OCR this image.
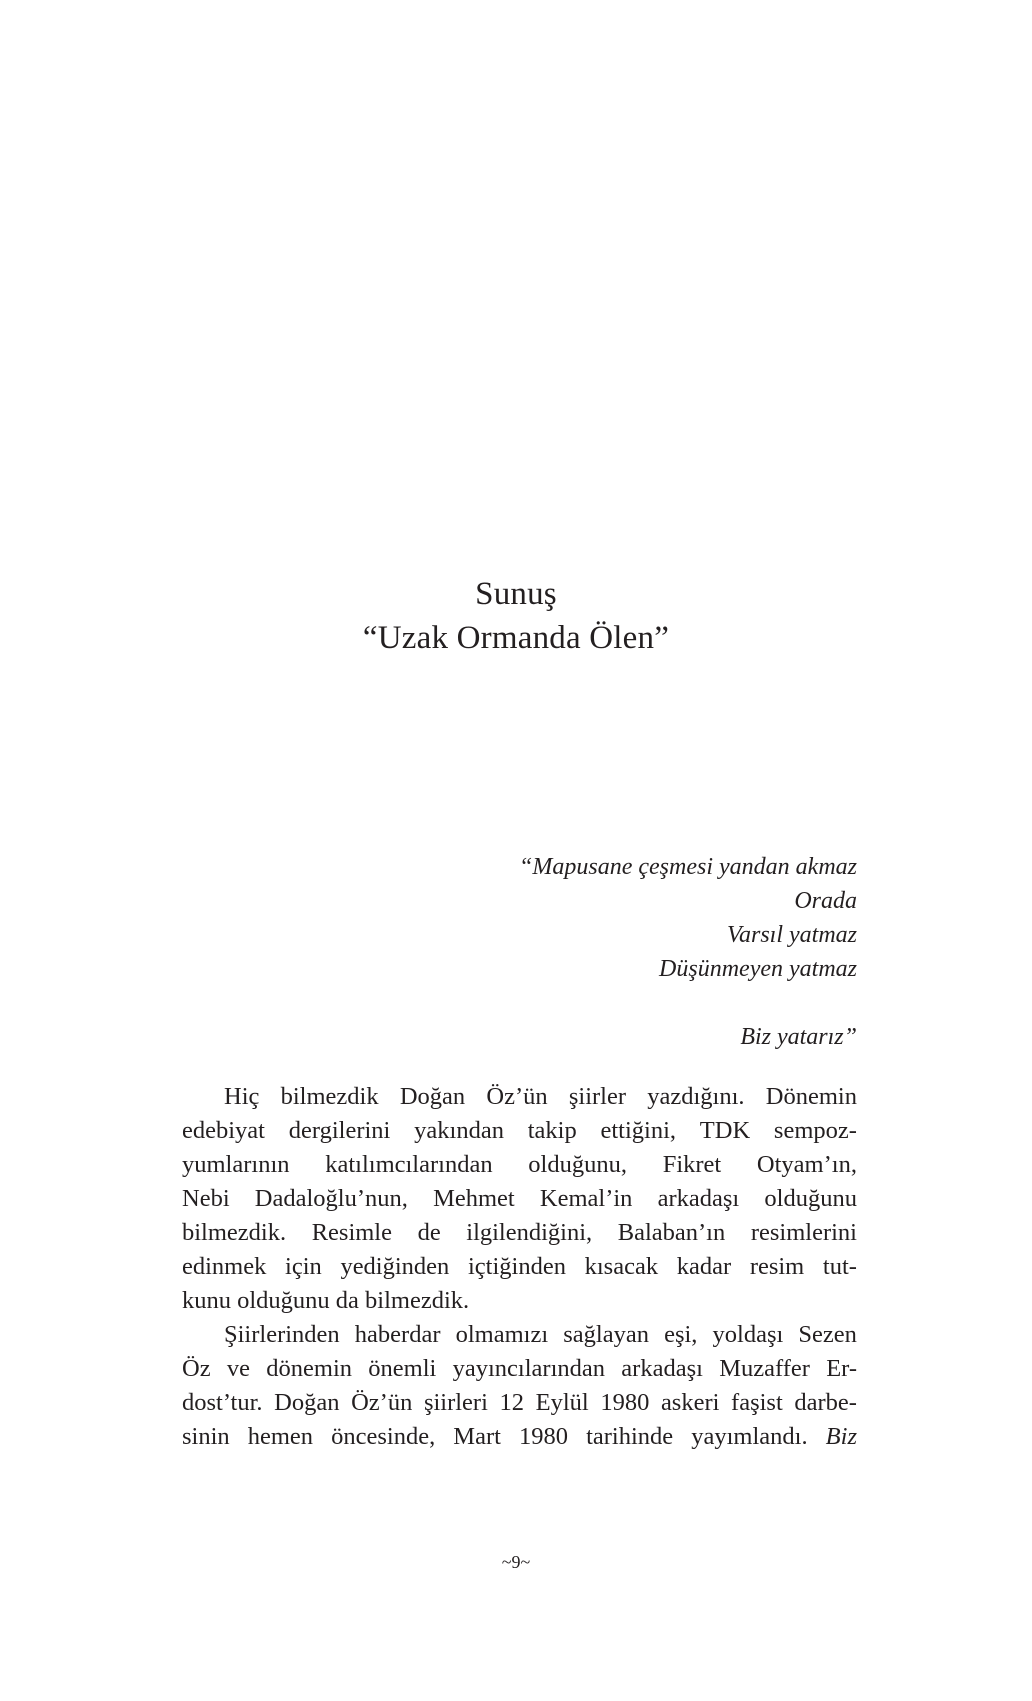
Sunuş
“Uzak Ormanda Ölen”
“Mapusane çeşmesi yandan akmaz
Orada
Varsıl yatmaz
Düşünmeyen yatmaz
Biz yatarız”
Hiç bilmezdik Doğan Öz’ün şiirler yazdığını. Dönemin
edebiyat dergilerini yakından takip ettiğini, TDK sempoz-
yumlarının katılımcılarından olduğunu, Fikret Otyam’ın,
Nebi Dadaloğlu’nun, Mehmet Kemal’in arkadaşı olduğunu
bilmezdik. Resimle de ilgilendiğini, Balaban’ın resimlerini
edinmek için yediğinden içtiğinden kısacak kadar resim tut-
kunu olduğunu da bilmezdik.
Şiirlerinden haberdar olmamızı sağlayan eşi, yoldaşı Sezen
Öz ve dönemin önemli yayıncılarından arkadaşı Muzaffer Er-
dost’tur. Doğan Öz’ün şiirleri 12 Eylül 1980 askeri faşist darbe-
sinin hemen öncesinde, Mart 1980 tarihinde yayımlandı. Biz
~9~
